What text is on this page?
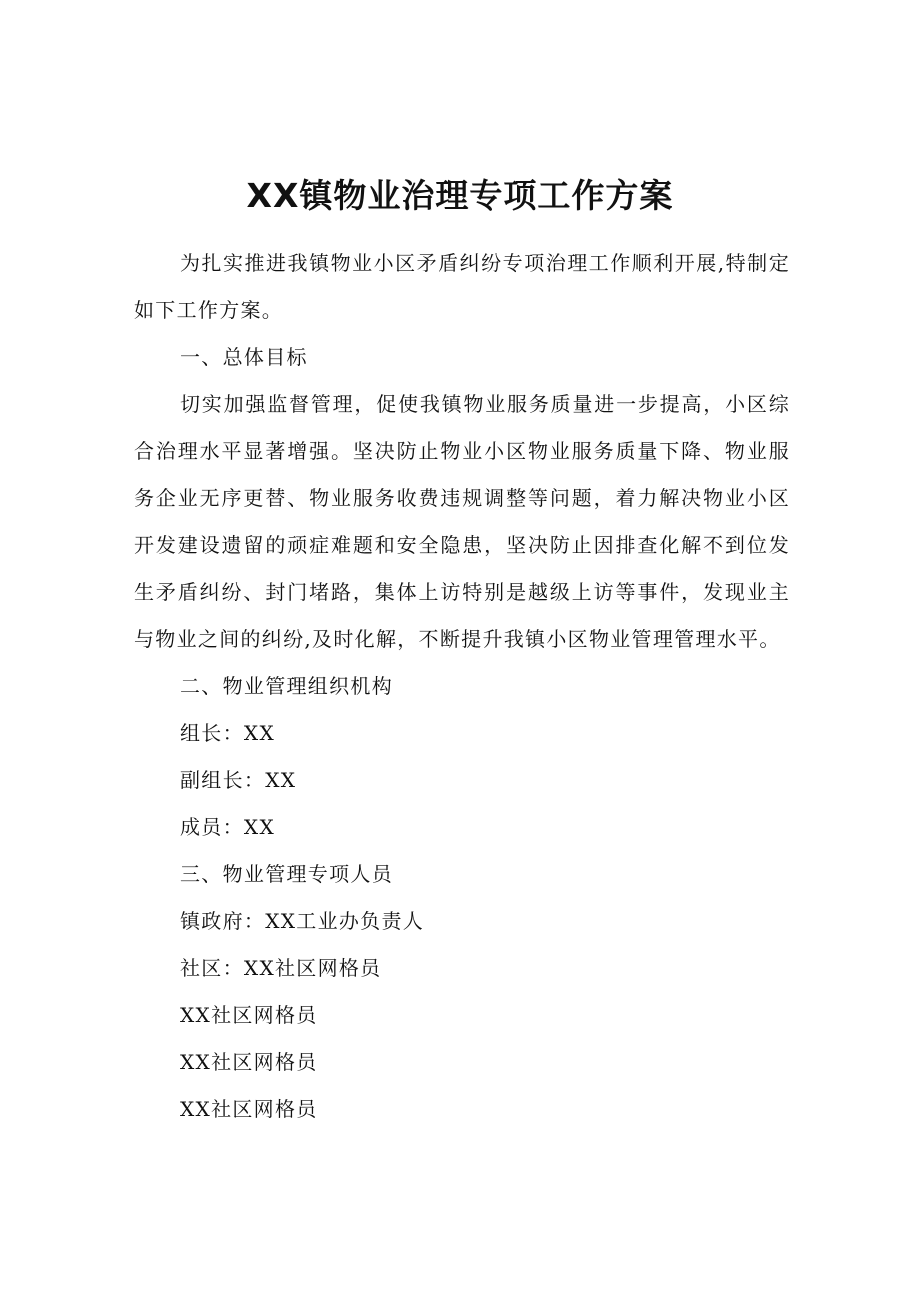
XX镇物业治理专项工作方案

为扎实推进我镇物业小区矛盾纠纷专项治理工作顺利开展,特制定如下工作方案。

一、总体目标

切实加强监督管理，促使我镇物业服务质量进一步提高，小区综合治理水平显著增强。坚决防止物业小区物业服务质量下降、物业服务企业无序更替、物业服务收费违规调整等问题，着力解决物业小区开发建设遗留的顽症难题和安全隐患，坚决防止因排查化解不到位发生矛盾纠纷、封门堵路，集体上访特别是越级上访等事件，发现业主与物业之间的纠纷,及时化解，不断提升我镇小区物业管理管理水平。

二、物业管理组织机构

组长：XX

副组长：XX

成员：XX

三、物业管理专项人员

镇政府：XX工业办负责人

社区：XX社区网格员

XX社区网格员

XX社区网格员

XX社区网格员
